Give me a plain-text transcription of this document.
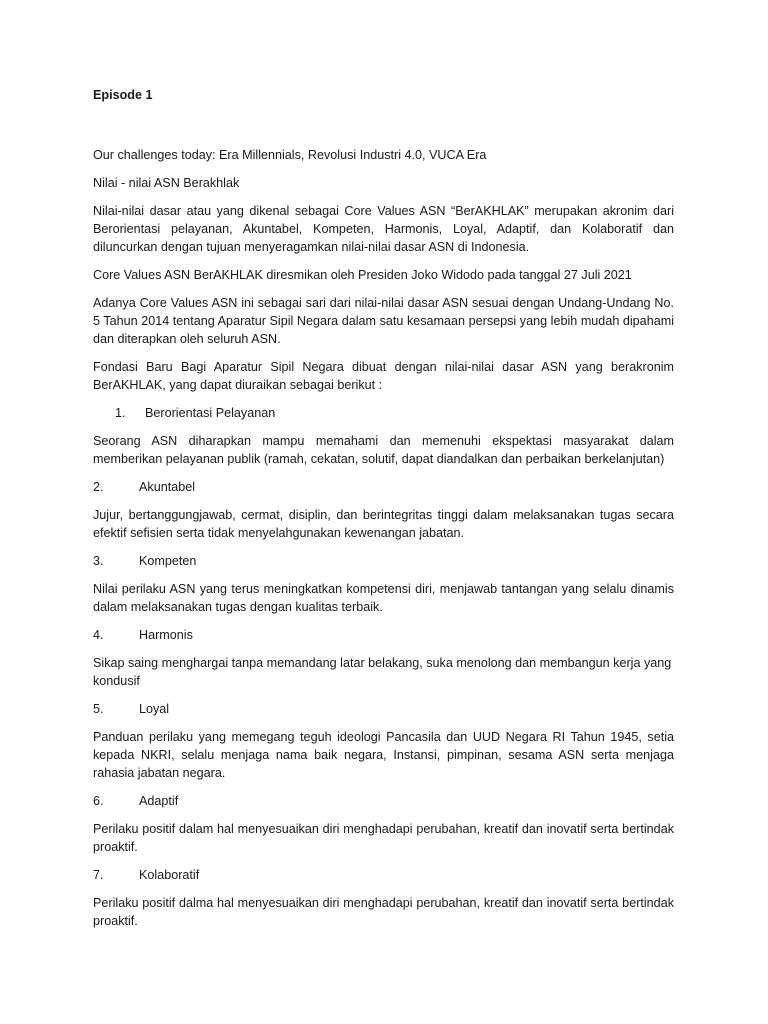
Episode 1

Our challenges today: Era Millennials, Revolusi Industri 4.0, VUCA Era

Nilai - nilai ASN Berakhlak

Nilai-nilai dasar atau yang dikenal sebagai Core Values ASN “BerAKHLAK” merupakan akronim dari Berorientasi pelayanan, Akuntabel, Kompeten, Harmonis, Loyal, Adaptif, dan Kolaboratif dan diluncurkan dengan tujuan menyeragamkan nilai-nilai dasar ASN di Indonesia.

Core Values ASN BerAKHLAK diresmikan oleh Presiden Joko Widodo pada tanggal 27 Juli 2021

Adanya Core Values ASN ini sebagai sari dari nilai-nilai dasar ASN sesuai dengan Undang-Undang No. 5 Tahun 2014 tentang Aparatur Sipil Negara dalam satu kesamaan persepsi yang lebih mudah dipahami dan diterapkan oleh seluruh ASN.

Fondasi Baru Bagi Aparatur Sipil Negara dibuat dengan nilai-nilai dasar ASN yang berakronim BerAKHLAK, yang dapat diuraikan sebagai berikut :

1.	Berorientasi Pelayanan

Seorang ASN diharapkan mampu memahami dan memenuhi ekspektasi masyarakat dalam memberikan pelayanan publik (ramah, cekatan, solutif, dapat diandalkan dan perbaikan berkelanjutan)

2.	Akuntabel

Jujur, bertanggungjawab, cermat, disiplin, dan berintegritas tinggi dalam melaksanakan tugas secara efektif sefisien serta tidak menyelahgunakan kewenangan jabatan.

3.	Kompeten

Nilai perilaku ASN yang terus meningkatkan kompetensi diri, menjawab tantangan yang selalu dinamis dalam melaksanakan tugas dengan kualitas terbaik.

4.	Harmonis

Sikap saing menghargai tanpa memandang latar belakang, suka menolong dan membangun kerja yang kondusif

5.	Loyal

Panduan perilaku yang memegang teguh ideologi Pancasila dan UUD Negara RI Tahun 1945, setia kepada NKRI, selalu menjaga nama baik negara, Instansi, pimpinan, sesama ASN serta menjaga rahasia jabatan negara.

6.	Adaptif

Perilaku positif dalam hal menyesuaikan diri menghadapi perubahan, kreatif dan inovatif serta bertindak proaktif.

7.	Kolaboratif

Perilaku positif dalma hal menyesuaikan diri menghadapi perubahan, kreatif dan inovatif serta bertindak proaktif.
